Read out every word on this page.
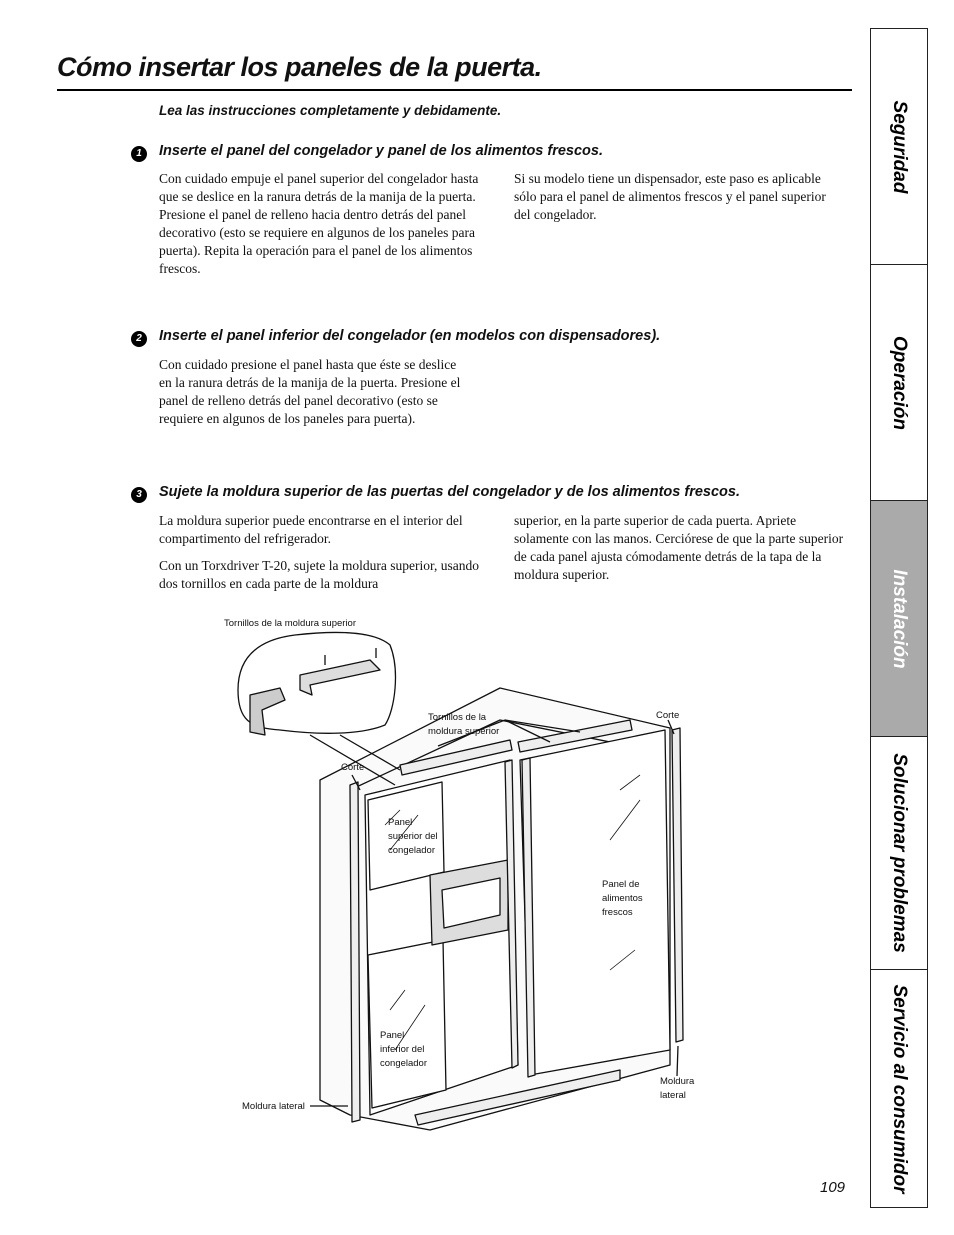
Cómo insertar los paneles de la puerta.
Lea las instrucciones completamente y debidamente.
1	Inserte el panel del congelador y panel de los alimentos frescos.

Con cuidado empuje el panel superior del congelador hasta que se deslice en la ranura detrás de la manija de la puerta. Presione el panel de relleno hacia dentro detrás del panel decorativo (esto se requiere en algunos de los paneles para puerta). Repita la operación para el panel de los alimentos frescos.

Si su modelo tiene un dispensador, este paso es aplicable sólo para el panel de alimentos frescos y el panel superior del congelador.

2	Inserte el panel inferior del congelador (en modelos con dispensadores).

Con cuidado presione el panel hasta que éste se deslice en la ranura detrás de la manija de la puerta. Presione el panel de relleno detrás del panel decorativo (esto se requiere en algunos de los paneles para puerta).

3	Sujete la moldura superior de las puertas del congelador y de los alimentos frescos.

La moldura superior puede encontrarse en el interior del compartimento del refrigerador.

Con un Torxdriver T-20, sujete la moldura superior, usando dos tornillos en cada parte de la moldura

superior, en la parte superior de cada puerta. Apriete solamente con las manos. Cerciórese de que la parte superior de cada panel ajusta cómodamente detrás de la tapa de la moldura superior.

Tornillos de la moldura superior
Tornillos de la
moldura superior
Corte
Corte
Panel
superior del
congelador
Panel de
alimentos
frescos
Panel
inferior del
congelador
Moldura lateral
Moldura
lateral
Seguridad
Operación
Instalación
Solucionar problemas
Servicio al consumidor
109
